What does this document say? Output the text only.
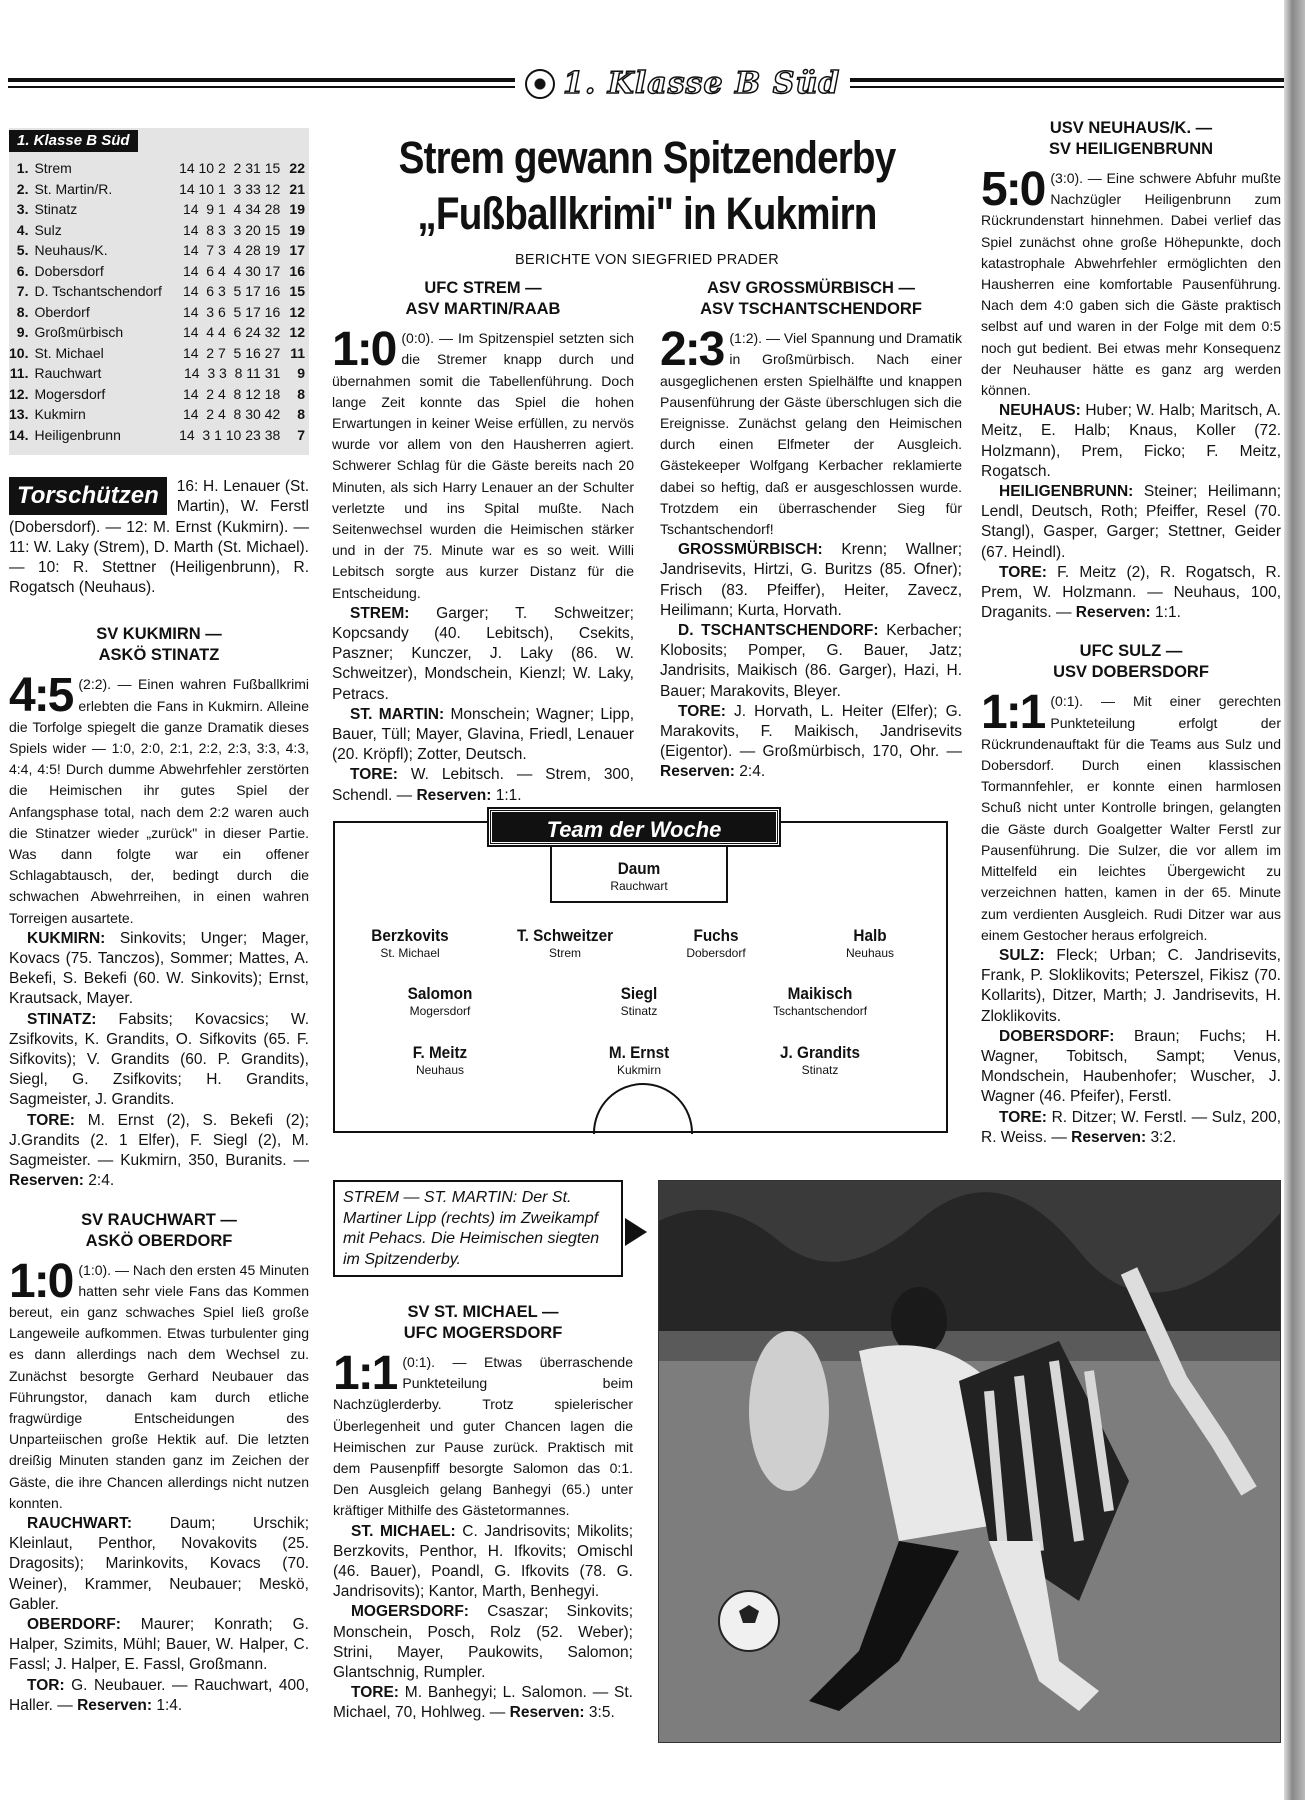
1. Klasse B Süd
1. Klasse B Süd
1.	Strem	14 10 2  2 31 15	22
2.	St. Martin/R.	14 10 1  3 33 12	21
3.	Stinatz	14  9 1  4 34 28	19
4.	Sulz	14  8 3  3 20 15	19
5.	Neuhaus/K.	14  7 3  4 28 19	17
6.	Dobersdorf	14  6 4  4 30 17	16
7.	D. Tschantschendorf	14  6 3  5 17 16	15
8.	Oberdorf	14  3 6  5 17 16	12
9.	Großmürbisch	14  4 4  6 24 32	12
10.	St. Michael	14  2 7  5 16 27	11
11.	Rauchwart	14  3 3  8 11 31	9
12.	Mogersdorf	14  2 4  8 12 18	8
13.	Kukmirn	14  2 4  8 30 42	8
14.	Heiligenbrunn	14  3 1 10 23 38	7
Torschützen	16: H. Lenauer (St. Martin), W. Ferstl (Dobersdorf). — 12: M. Ernst (Kukmirn). — 11: W. Laky (Strem), D. Marth (St. Michael). — 10: R. Stettner (Heiligenbrunn), R. Rogatsch (Neuhaus).
SV KUKMIRN —
ASKÖ STINATZ

4:5 (2:2). — Einen wahren Fußballkrimi erlebten die Fans in Kukmirn. Alleine die Torfolge spiegelt die ganze Dramatik dieses Spiels wider — 1:0, 2:0, 2:1, 2:2, 2:3, 3:3, 4:3, 4:4, 4:5! Durch dumme Abwehrfehler zerstörten die Heimischen ihr gutes Spiel der Anfangsphase total, nach dem 2:2 waren auch die Stinatzer wieder „zurück" in dieser Partie. Was dann folgte war ein offener Schlagabtausch, der, bedingt durch die schwachen Abwehrreihen, in einen wahren Torreigen ausartete.

KUKMIRN: Sinkovits; Unger; Mager, Kovacs (75. Tanczos), Sommer; Mattes, A. Bekefi, S. Bekefi (60. W. Sinkovits); Ernst, Krautsack, Mayer.

STINATZ: Fabsits; Kovacsics; W. Zsifkovits, K. Grandits, O. Sifkovits (65. F. Sifkovits); V. Grandits (60. P. Grandits), Siegl, G. Zsifkovits; H. Grandits, Sagmeister, J. Grandits.

TORE: M. Ernst (2), S. Bekefi (2); J.Grandits (2. 1 Elfer), F. Siegl (2), M. Sagmeister. — Kukmirn, 350, Buranits. — Reserven: 2:4.

SV RAUCHWART —
ASKÖ OBERDORF

1:0 (1:0). — Nach den ersten 45 Minuten hatten sehr viele Fans das Kommen bereut, ein ganz schwaches Spiel ließ große Langeweile aufkommen. Etwas turbulenter ging es dann allerdings nach dem Wechsel zu. Zunächst besorgte Gerhard Neubauer das Führungstor, danach kam durch etliche fragwürdige Entscheidungen des Unparteiischen große Hektik auf. Die letzten dreißig Minuten standen ganz im Zeichen der Gäste, die ihre Chancen allerdings nicht nutzen konnten.

RAUCHWART: Daum; Urschik; Kleinlaut, Penthor, Novakovits (25. Dragosits); Marinkovits, Kovacs (70. Weiner), Krammer, Neubauer; Meskö, Gabler.

OBERDORF: Maurer; Konrath; G. Halper, Szimits, Mühl; Bauer, W. Halper, C. Fassl; J. Halper, E. Fassl, Großmann.

TOR: G. Neubauer. — Rauchwart, 400, Haller. — Reserven: 1:4.

Strem gewann Spitzenderby
„Fußballkrimi" in Kukmirn
BERICHTE VON SIEGFRIED PRADER
UFC STREM —
ASV MARTIN/RAAB

1:0 (0:0). — Im Spitzenspiel setzten sich die Stremer knapp durch und übernahmen somit die Tabellenführung. Doch lange Zeit konnte das Spiel die hohen Erwartungen in keiner Weise erfüllen, zu nervös wurde vor allem von den Hausherren agiert. Schwerer Schlag für die Gäste bereits nach 20 Minuten, als sich Harry Lenauer an der Schulter verletzte und ins Spital mußte. Nach Seitenwechsel wurden die Heimischen stärker und in der 75. Minute war es so weit. Willi Lebitsch sorgte aus kurzer Distanz für die Entscheidung.

STREM: Garger; T. Schweitzer; Kopcsandy (40. Lebitsch), Csekits, Paszner; Kunczer, J. Laky (86. W. Schweitzer), Mondschein, Kienzl; W. Laky, Petracs.

ST. MARTIN: Monschein; Wagner; Lipp, Bauer, Tüll; Mayer, Glavina, Friedl, Lenauer (20. Kröpfl); Zotter, Deutsch.

TORE: W. Lebitsch. — Strem, 300, Schendl. — Reserven: 1:1.

ASV GROSSMÜRBISCH —
ASV TSCHANTSCHENDORF

2:3 (1:2). — Viel Spannung und Dramatik in Großmürbisch. Nach einer ausgeglichenen ersten Spielhälfte und knappen Pausenführung der Gäste überschlugen sich die Ereignisse. Zunächst gelang den Heimischen durch einen Elfmeter der Ausgleich. Gästekeeper Wolfgang Kerbacher reklamierte dabei so heftig, daß er ausgeschlossen wurde. Trotzdem ein überraschender Sieg für Tschantschendorf!

GROSSMÜRBISCH: Krenn; Wallner; Jandrisevits, Hirtzi, G. Buritzs (85. Ofner); Frisch (83. Pfeiffer), Heiter, Zavecz, Heilimann; Kurta, Horvath.

D. TSCHANTSCHENDORF: Kerbacher; Klobosits; Pomper, G. Bauer, Jatz; Jandrisits, Maikisch (86. Garger), Hazi, H. Bauer; Marakovits, Bleyer.

TORE: J. Horvath, L. Heiter (Elfer); G. Marakovits, F. Maikisch, Jandrisevits (Eigentor). — Großmürbisch, 170, Ohr. — Reserven: 2:4.

Team der Woche
Daum
Rauchwart
Berzkovits
St. Michael
T. Schweitzer
Strem
Fuchs
Dobersdorf
Halb
Neuhaus
Salomon
Mogersdorf
Siegl
Stinatz
Maikisch
Tschantschendorf
F. Meitz
Neuhaus
M. Ernst
Kukmirn
J. Grandits
Stinatz
STREM — ST. MARTIN: Der St. Martiner Lipp (rechts) im Zweikampf mit Pehacs. Die Heimischen siegten im Spitzenderby.
SV ST. MICHAEL —
UFC MOGERSDORF

1:1 (0:1). — Etwas überraschende Punkteteilung beim Nachzüglerderby. Trotz spielerischer Überlegenheit und guter Chancen lagen die Heimischen zur Pause zurück. Praktisch mit dem Pausenpfiff besorgte Salomon das 0:1. Den Ausgleich gelang Banhegyi (65.) unter kräftiger Mithilfe des Gästetormannes.

ST. MICHAEL: C. Jandrisovits; Mikolits; Berzkovits, Penthor, H. Ifkovits; Omischl (46. Bauer), Poandl, G. Ifkovits (78. G. Jandrisovits); Kantor, Marth, Benhegyi.

MOGERSDORF: Csaszar; Sinkovits; Monschein, Posch, Rolz (52. Weber); Strini, Mayer, Paukowits, Salomon; Glantschnig, Rumpler.

TORE: M. Banhegyi; L. Salomon. — St. Michael, 70, Hohlweg. — Reserven: 3:5.

USV NEUHAUS/K. —
SV HEILIGENBRUNN

5:0 (3:0). — Eine schwere Abfuhr mußte Nachzügler Heiligenbrunn zum Rückrundenstart hinnehmen. Dabei verlief das Spiel zunächst ohne große Höhepunkte, doch katastrophale Abwehrfehler ermöglichten den Hausherren eine komfortable Pausenführung. Nach dem 4:0 gaben sich die Gäste praktisch selbst auf und waren in der Folge mit dem 0:5 noch gut bedient. Bei etwas mehr Konsequenz der Neuhauser hätte es ganz arg werden können.

NEUHAUS: Huber; W. Halb; Maritsch, A. Meitz, E. Halb; Knaus, Koller (72. Holzmann), Prem, Ficko; F. Meitz, Rogatsch.

HEILIGENBRUNN: Steiner; Heilimann; Lendl, Deutsch, Roth; Pfeiffer, Resel (70. Stangl), Gasper, Garger; Stettner, Geider (67. Heindl).

TORE: F. Meitz (2), R. Rogatsch, R. Prem, W. Holzmann. — Neuhaus, 100, Draganits. — Reserven: 1:1.

UFC SULZ —
USV DOBERSDORF

1:1 (0:1). — Mit einer gerechten Punkteteilung erfolgt der Rückrundenauftakt für die Teams aus Sulz und Dobersdorf. Durch einen klassischen Tormannfehler, er konnte einen harmlosen Schuß nicht unter Kontrolle bringen, gelangten die Gäste durch Goalgetter Walter Ferstl zur Pausenführung. Die Sulzer, die vor allem im Mittelfeld ein leichtes Übergewicht zu verzeichnen hatten, kamen in der 65. Minute zum verdienten Ausgleich. Rudi Ditzer war aus einem Gestocher heraus erfolgreich.

SULZ: Fleck; Urban; C. Jandrisevits, Frank, P. Sloklikovits; Peterszel, Fikisz (70. Kollarits), Ditzer, Marth; J. Jandrisevits, H. Zloklikovits.

DOBERSDORF: Braun; Fuchs; H. Wagner, Tobitsch, Sampt; Venus, Mondschein, Haubenhofer; Wuscher, J. Wagner (46. Pfeifer), Ferstl.

TORE: R. Ditzer; W. Ferstl. — Sulz, 200, R. Weiss. — Reserven: 3:2.
